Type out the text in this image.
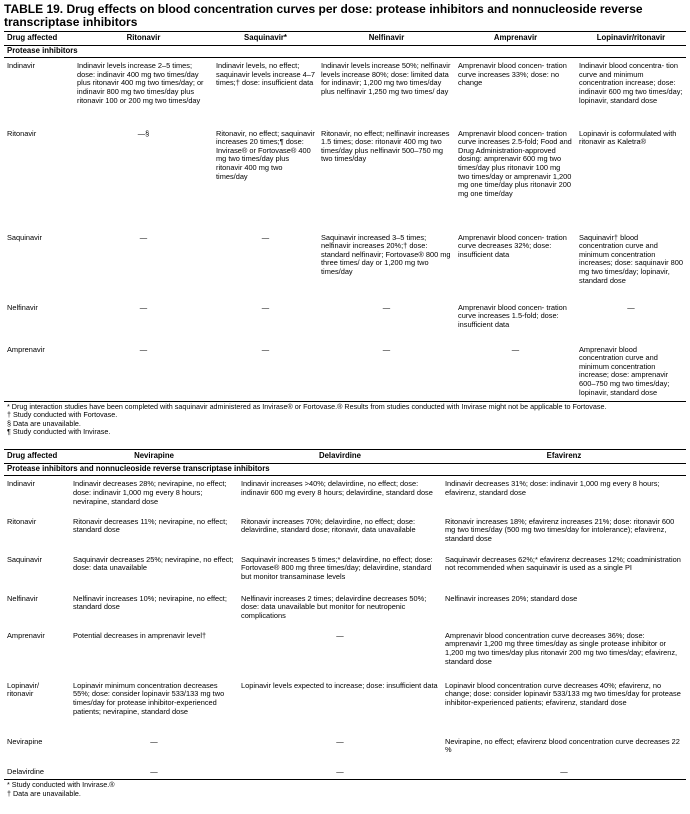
TABLE 19. Drug effects on blood concentration curves per dose: protease inhibitors and nonnucleoside reverse transcriptase inhibitors
Drug affected	Ritonavir	Saquinavir*	Nelfinavir	Amprenavir	Lopinavir/ritonavir
Protease inhibitors					
Indinavir	Indinavir levels increase 2–5 times; dose: indinavir 400 mg two times/day plus ritonavir 400 mg two times/day; or indinavir 800 mg two times/day plus ritonavir 100 or 200 mg two times/day	Indinavir levels, no effect; saquinavir levels increase 4–7 times;† dose: insufficient data	Indinavir levels increase 50%; nelfinavir levels increase 80%; dose: limited data for indinavir; 1,200 mg two times/day plus nelfinavir 1,250 mg two times/ day	Amprenavir blood concen- tration curve increases 33%; dose: no change	Indinavir blood concentra- tion curve and minimum concentration increase; dose: indinavir 600 mg two times/day; lopinavir, standard dose
Ritonavir	—§	Ritonavir, no effect; saquinavir increases 20 times;¶ dose: Invirase® or Fortovase® 400 mg two times/day plus ritonavir 400 mg two times/day	Ritonavir, no effect; nelfinavir increases 1.5 times; dose: ritonavir 400 mg two times/day plus nelfinavir 500–750 mg two times/day	Amprenavir blood concen- tration curve increases 2.5-fold; Food and Drug Administration-approved dosing: amprenavir 600 mg two times/day plus ritonavir 100 mg two times/day or amprenavir 1,200 mg one time/day plus ritonavir 200 mg one time/day	Lopinavir is coformulated with ritonavir as Kaletra®
Saquinavir	—	—	Saquinavir increased 3–5 times; nelfinavir increases 20%;† dose: standard nelfinavir; Fortovase® 800 mg three times/ day or 1,200 mg two times/day	Amprenavir blood concen- tration curve decreases 32%; dose: insufficient data	Saquinavir† blood concentration curve and minimum concentration increases; dose: saquinavir 800 mg two times/day; lopinavir, standard dose
Nelfinavir	—	—	—	Amprenavir blood concen- tration curve increases 1.5-fold; dose: insufficient data	—
Amprenavir	—	—	—	—	Amprenavir blood concentration curve and minimum concentration increase; dose: amprenavir 600–750 mg two times/day; lopinavir, standard dose

* Drug interaction studies have been completed with saquinavir administered as Invirase® or Fortovase.® Results from studies conducted with Invirase might not be applicable to Fortovase.
† Study conducted with Fortovase.
§ Data are unavailable.
¶ Study conducted with Invirase.					
Drug affected	Nevirapine	Delavirdine	Efavirenz
Protease inhibitors and nonnucleoside reverse transcriptase inhibitors			
Indinavir	Indinavir decreases 28%; nevirapine, no effect; dose: indinavir 1,000 mg every 8 hours; nevirapine, standard dose	Indinavir increases >40%; delavirdine, no effect; dose: indinavir 600 mg every 8 hours; delavirdine, standard dose	Indinavir decreases 31%; dose: indinavir 1,000 mg every 8 hours; efavirenz, standard dose
Ritonavir	Ritonavir decreases 11%; nevirapine, no effect; standard dose	Ritonavir increases 70%; delavirdine, no effect; dose: delavirdine, standard dose; ritonavir, data unavailable	Ritonavir increases 18%; efavirenz increases 21%; dose: ritonavir 600 mg two times/day (500 mg two times/day for intolerance); efavirenz, standard dose
Saquinavir	Saquinavir decreases 25%; nevirapine, no effect; dose: data unavailable	Saquinavir increases 5 times;* delavirdine, no effect; dose: Fortovase® 800 mg three times/day; delavirdine, standard but monitor transaminase levels	Saquinavir decreases 62%;* efavirenz decreases 12%; coadministration not recommended when saquinavir is used as a single PI
Nelfinavir	Nelfinavir increases 10%; nevirapine, no effect; standard dose	Nelfinavir increases 2 times; delavirdine decreases 50%; dose: data unavailable but monitor for neutropenic complications	Nelfinavir increases 20%; standard dose
Amprenavir	Potential decreases in amprenavir level†	—	Amprenavir blood concentration curve decreases 36%; dose: amprenavir 1,200 mg three times/day as single protease inhibitor or 1,200 mg two times/day plus ritonavir 200 mg two times/day; efavirenz, standard dose
Lopinavir/ ritonavir	Lopinavir minimum concentration decreases 55%; dose: consider lopinavir 533/133 mg two times/day for protease inhibitor-experienced patients; nevirapine, standard dose	Lopinavir levels expected to increase; dose: insufficient data	Lopinavir blood concentration curve decreases 40%; efavirenz, no change; dose: consider lopinavir 533/133 mg two times/day for protease inhibitor-experienced patients; efavirenz, standard dose
Nevirapine	—	—	Nevirapine, no effect; efavirenz blood concentration curve decreases 22 %
Delavirdine	—	—	—

* Study conducted with Invirase.®
† Data are unavailable.			
